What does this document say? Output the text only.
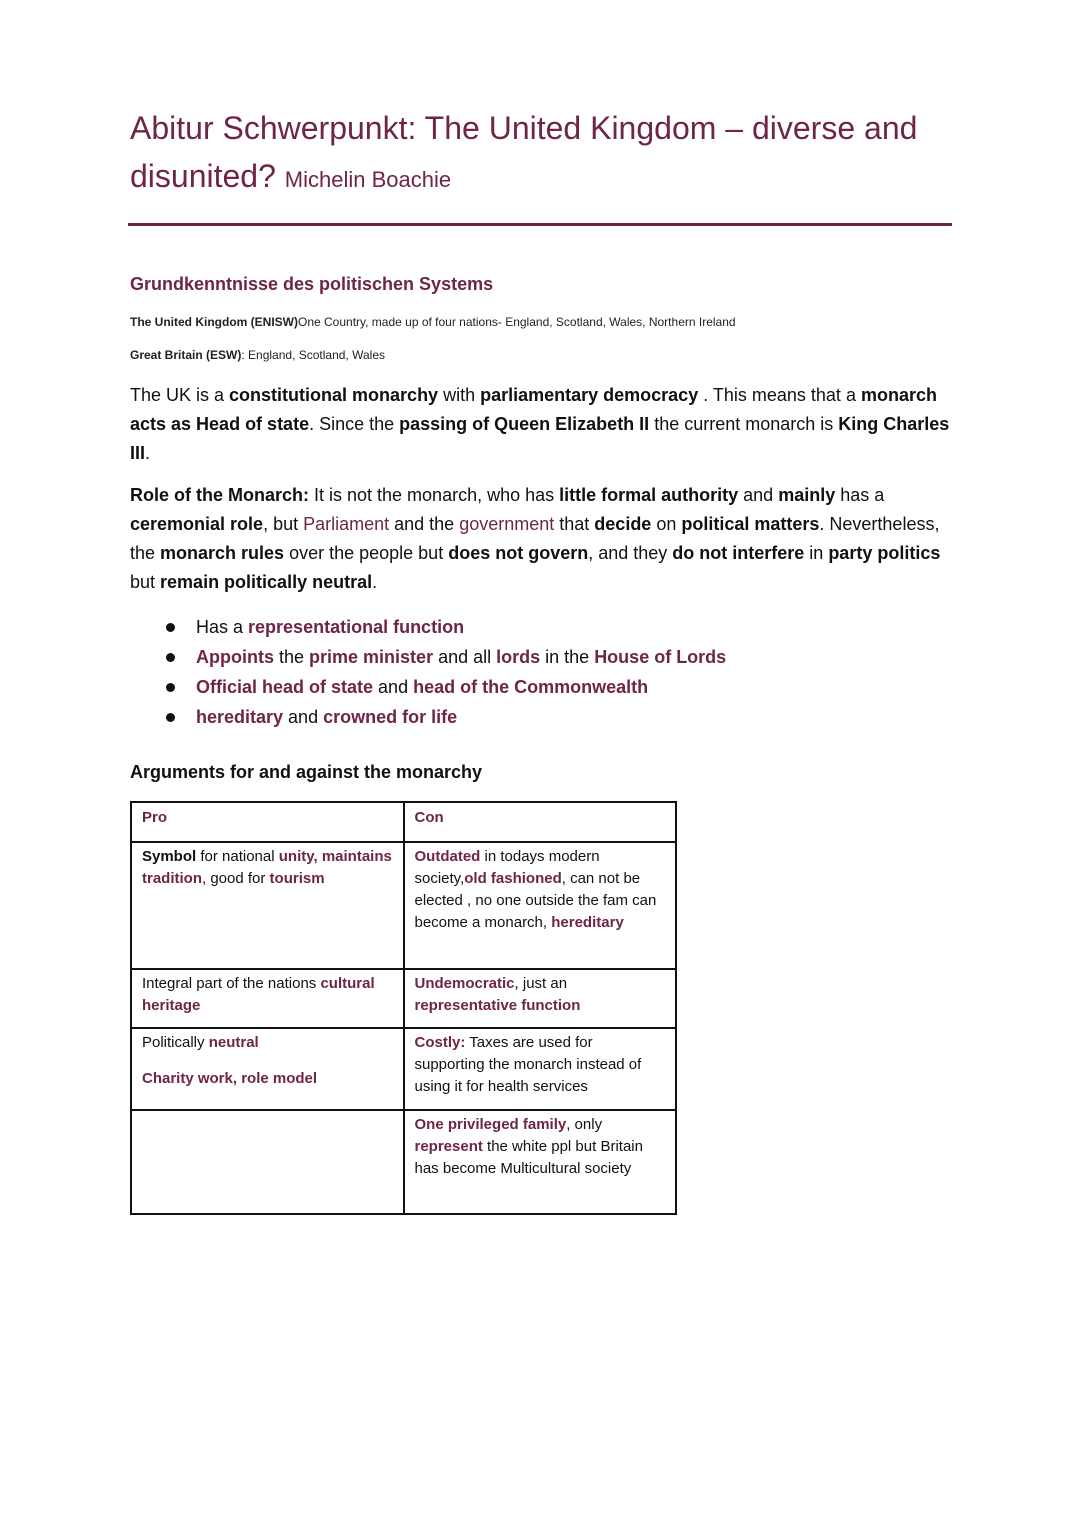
Abitur Schwerpunkt: The United Kingdom – diverse and disunited? Michelin Boachie
Grundkenntnisse des politischen Systems
The United Kingdom (ENISW)One Country, made up of four nations- England, Scotland, Wales, Northern Ireland
Great Britain (ESW): England, Scotland, Wales

The UK is a constitutional monarchy with parliamentary democracy . This means that a monarch acts as Head of state. Since the passing of Queen Elizabeth II the current monarch is King Charles III.

Role of the Monarch: It is not the monarch, who has little formal authority and mainly has a ceremonial role, but Parliament and the government that decide on political matters. Nevertheless, the monarch rules over the people but does not govern, and they do not interfere in party politics but remain politically neutral.

Has a representational function
Appoints the prime minister and all lords in the House of Lords
Official head of state and head of the Commonwealth
hereditary and crowned for life
Arguments for and against the monarchy
Pro	Con
Symbol for national unity, maintains tradition, good for tourism	Outdated in todays modern society,old fashioned, can not be elected , no one outside the fam can become a monarch, hereditary
Integral part of the nations cultural heritage	Undemocratic, just an representative function
Politically neutral
Charity work, role model	Costly: Taxes are used for supporting the monarch instead of using it for health services
	One privileged family, only represent the white ppl but Britain has become Multicultural society
